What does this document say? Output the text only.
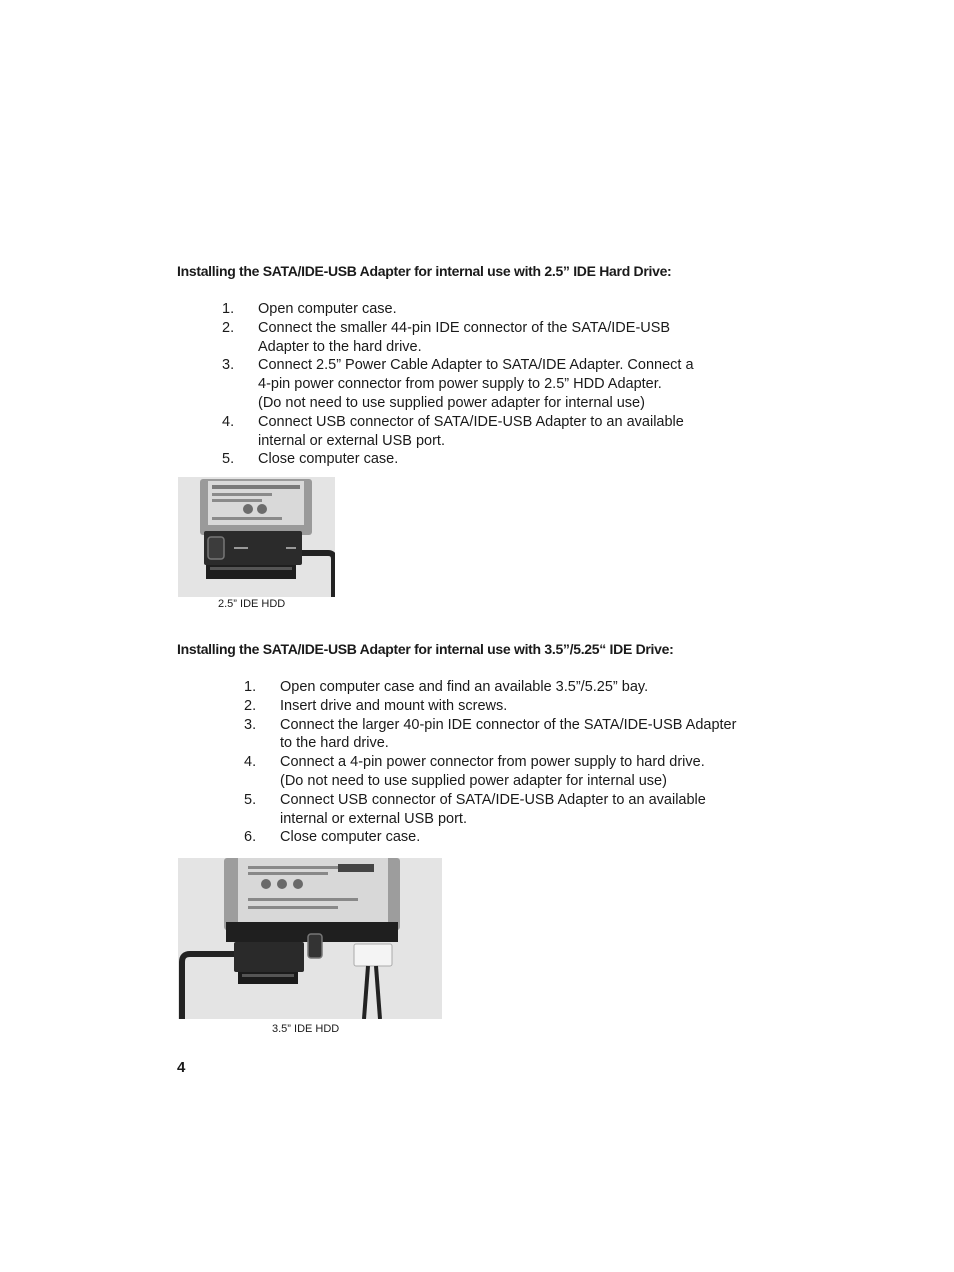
Installing the SATA/IDE-USB Adapter for internal use with 2.5” IDE Hard Drive:
1.	Open computer case.
2.	Connect the smaller 44-pin IDE connector of the SATA/IDE-USB
Adapter to the hard drive.
3.	Connect 2.5” Power Cable Adapter to SATA/IDE Adapter. Connect a
4-pin power connector from power supply to 2.5” HDD Adapter.
(Do not need to use supplied power adapter for internal use)
4.	Connect USB connector of SATA/IDE-USB Adapter to an available
internal or external USB port.
5.	Close computer case.
2.5” IDE HDD
Installing the SATA/IDE-USB Adapter for internal use with 3.5”/5.25“ IDE Drive:
1.	Open computer case and find an available 3.5”/5.25” bay.
2.	Insert drive and mount with screws.
3.	Connect the larger 40-pin IDE connector of the SATA/IDE-USB Adapter
to the hard drive.
4.	Connect a 4-pin power connector from power supply to hard drive.
(Do not need to use supplied power adapter for internal use)
5.	Connect USB connector of SATA/IDE-USB Adapter to an available
internal or external USB port.
6.	Close computer case.
3.5” IDE HDD
4
